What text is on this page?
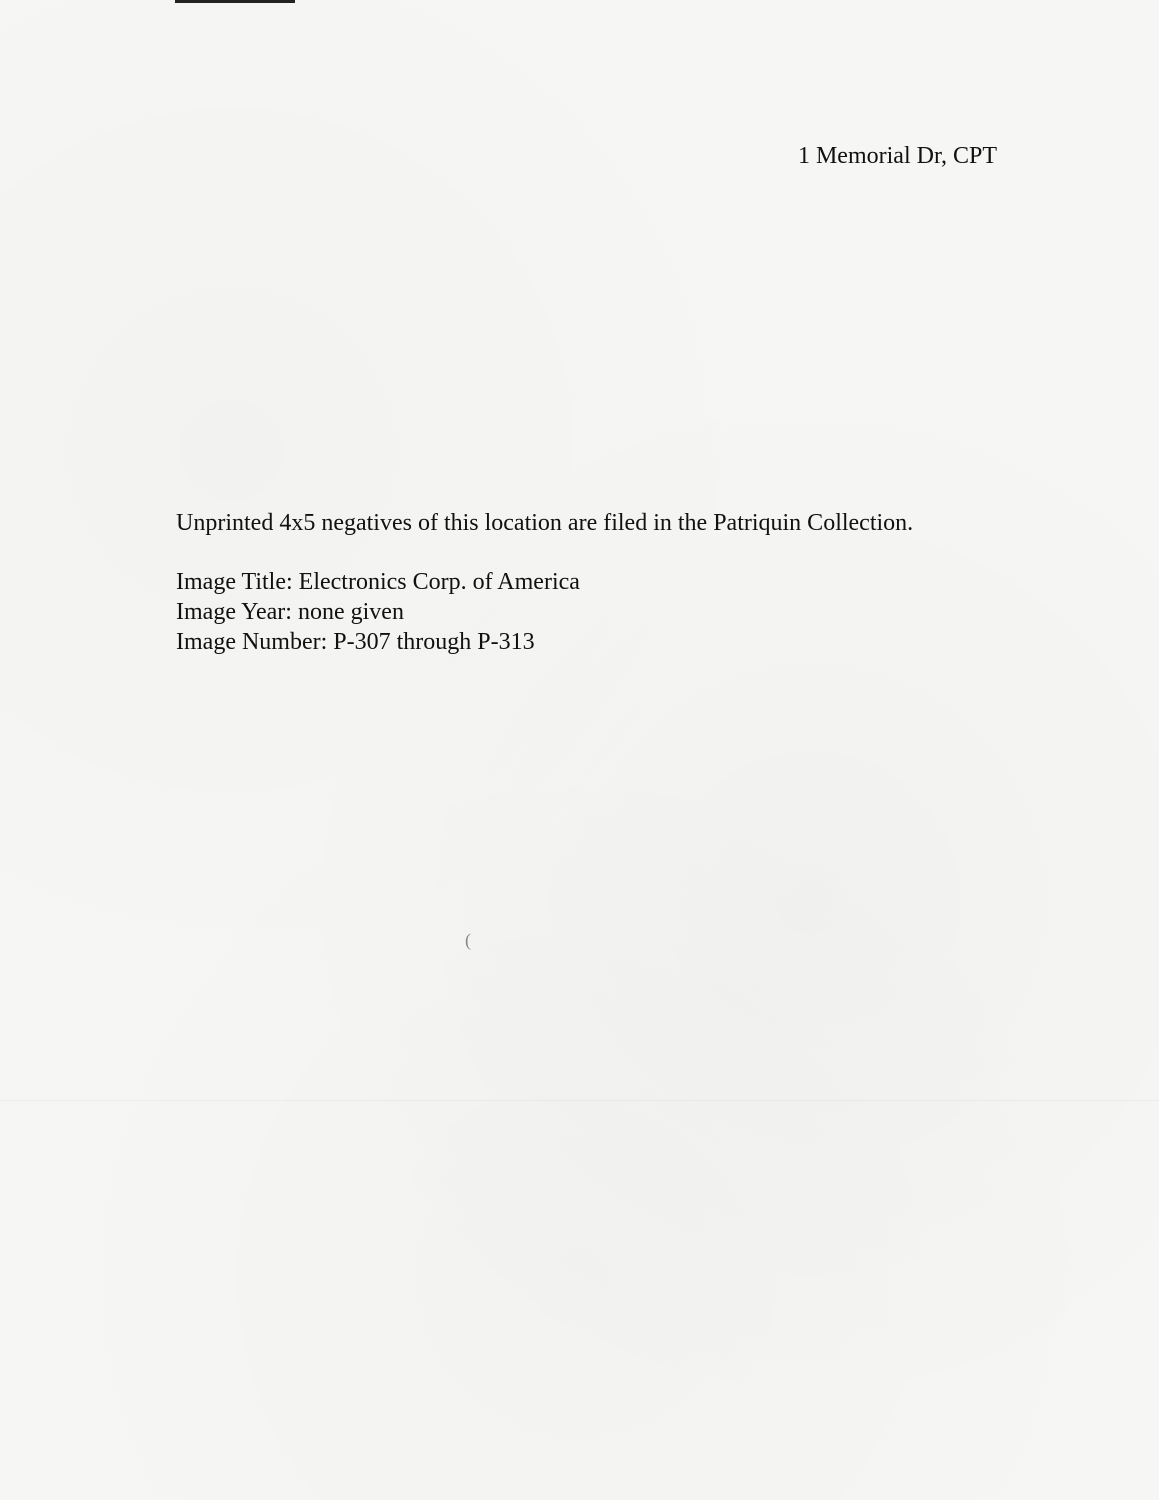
1 Memorial Dr, CPT
Unprinted 4x5 negatives of this location are filed in the Patriquin Collection.
Image Title: Electronics Corp. of America
Image Year: none given
Image Number: P-307 through P-313
(
